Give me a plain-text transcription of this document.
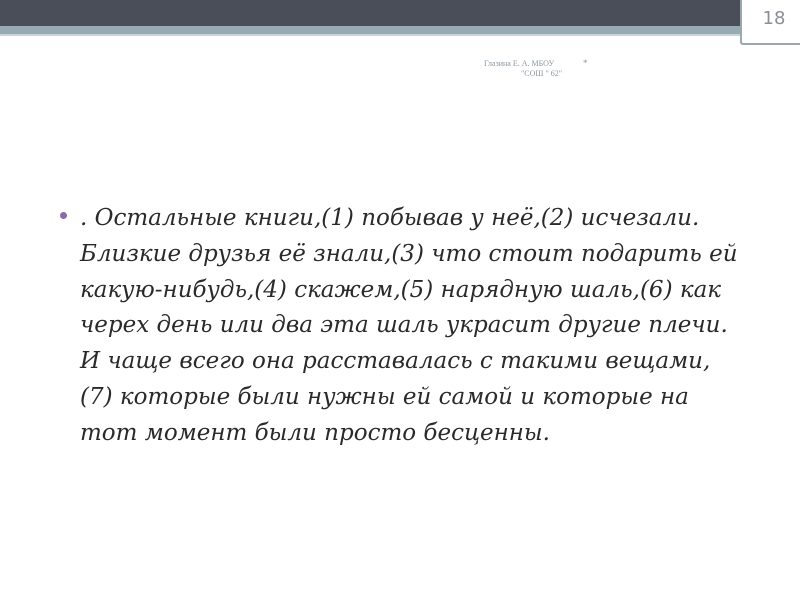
18
Глазина Е. А. МБОУ	*
"СОШ " 62"

. Остальные книги,(1) побывав у неё,(2) исчезали. Близкие друзья её знали,(3) что стоит подарить ей какую-нибудь,(4) скажем,(5) нарядную шаль,(6) как черех день или два эта шаль украсит другие плечи. И чаще всего она расставалась с такими вещами,(7) которые были нужны ей самой и которые на тот момент были просто бесценны.
